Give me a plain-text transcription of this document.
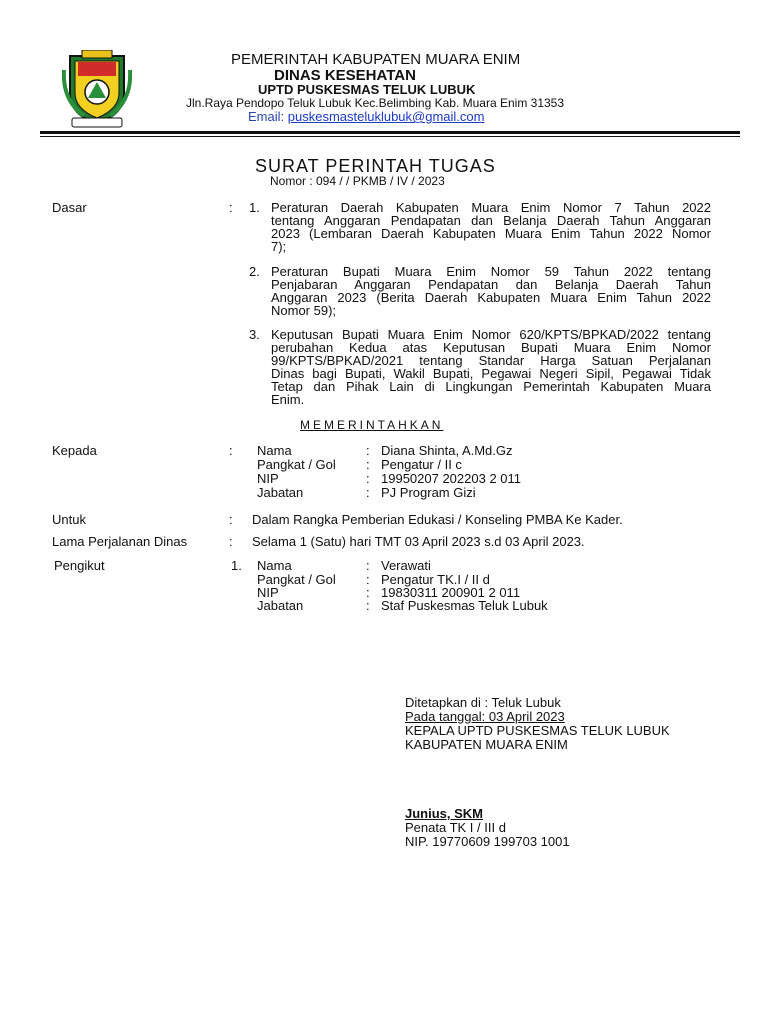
PEMERINTAH KABUPATEN MUARA ENIM
DINAS KESEHATAN
UPTD PUSKESMAS TELUK LUBUK
Jln.Raya Pendopo Teluk Lubuk Kec.Belimbing Kab. Muara Enim 31353
Email: puskesmasteluklubuk@gmail.com
SURAT PERINTAH TUGAS
Nomor : 094 / / PKMB / IV / 2023
Dasar	: 1. Peraturan Daerah Kabupaten Muara Enim Nomor 7 Tahun 2022
tentang Anggaran Pendapatan dan Belanja Daerah Tahun Anggaran
2023 (Lembaran Daerah Kabupaten Muara Enim Tahun 2022 Nomor
7);
2. Peraturan Bupati Muara Enim Nomor 59 Tahun 2022 tentang
Penjabaran Anggaran Pendapatan dan Belanja Daerah Tahun
Anggaran 2023 (Berita Daerah Kabupaten Muara Enim Tahun 2022
Nomor 59);
3. Keputusan Bupati Muara Enim Nomor 620/KPTS/BPKAD/2022 tentang
perubahan Kedua atas Keputusan Bupati Muara Enim Nomor
99/KPTS/BPKAD/2021 tentang Standar Harga Satuan Perjalanan
Dinas bagi Bupati, Wakil Bupati, Pegawai Negeri Sipil, Pegawai Tidak
Tetap dan Pihak Lain di Lingkungan Pemerintah Kabupaten Muara
Enim.
MEMERINTAHKAN
Kepada	: Nama	: Diana Shinta, A.Md.Gz
Pangkat / Gol : Pengatur / II c
NIP	: 19950207 202203 2 011
Jabatan	: PJ Program Gizi
Untuk	: Dalam Rangka Pemberian Edukasi / Konseling PMBA Ke Kader.
Lama Perjalanan Dinas	: Selama 1 (Satu) hari TMT 03 April 2023 s.d 03 April 2023.
Pengikut	1. Nama	: Verawati
Pangkat / Gol : Pengatur TK.I / II d
NIP	: 19830311 200901 2 011
Jabatan	: Staf Puskesmas Teluk Lubuk
Ditetapkan di : Teluk Lubuk
Pada tanggal: 03 April 2023
KEPALA UPTD PUSKESMAS TELUK LUBUK
KABUPATEN MUARA ENIM
Junius, SKM
Penata TK I / III d
NIP. 19770609 199703 1001
